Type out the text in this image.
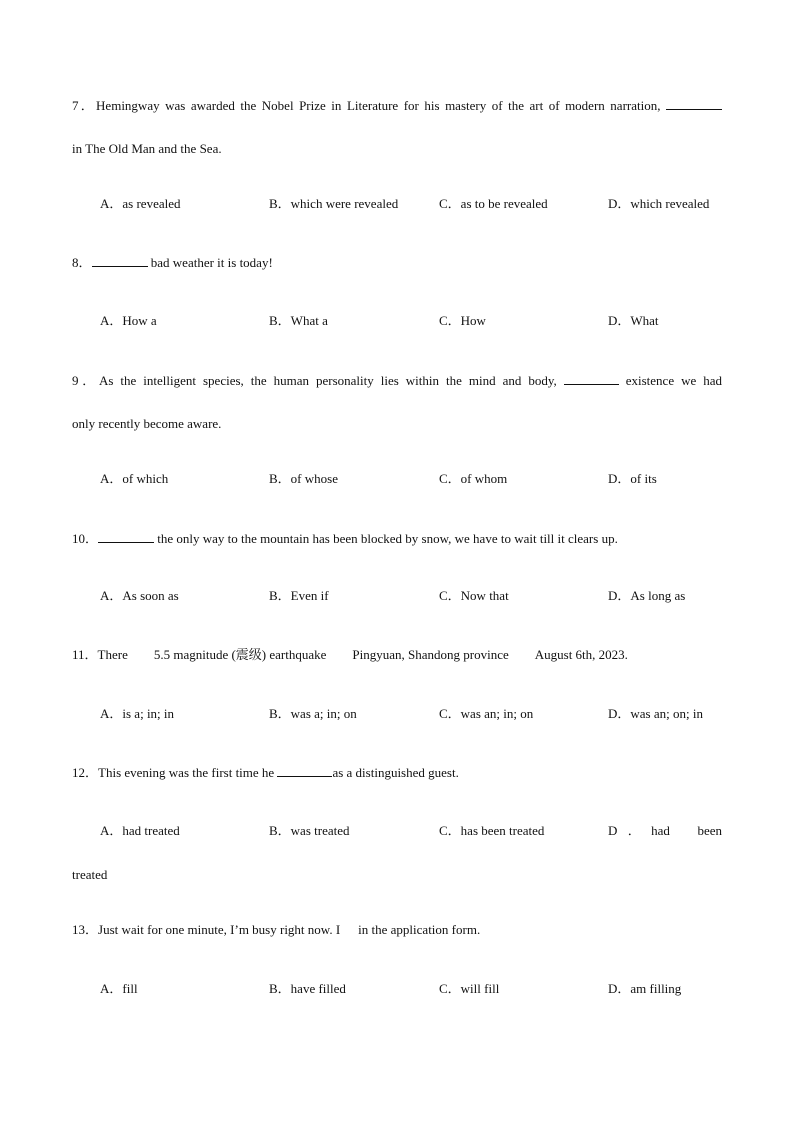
7．Hemingway was awarded the Nobel Prize in Literature for his mastery of the art of modern narration,
in The Old Man and the Sea.
A．as revealed	B．which were revealed	C．as to be revealed	D．which revealed
8．	bad weather it is today!
A．How a	B．What a	C．How	D．What
9．As the intelligent species, the human personality lies within the mind and body,	existence we had
only recently become aware.
A．of which	B．of whose	C．of whom	D．of its
10．	the only way to the mountain has been blocked by snow, we have to wait till it clears up.
A．As soon as	B．Even if	C．Now that	D．As long as
11．There 5.5 magnitude (震级) earthquake Pingyuan, Shandong province August 6th, 2023.
A．is a; in; in	B．was a; in; on	C．was an; in; on	D．was an; on; in
12．This evening was the first time he	as a distinguished guest.
A．had treated	B．was treated	C．has been treated	D．had been
treated
13．Just wait for one minute, I’m busy right now. I in the application form.
A．fill	B．have filled	C．will fill	D．am filling
